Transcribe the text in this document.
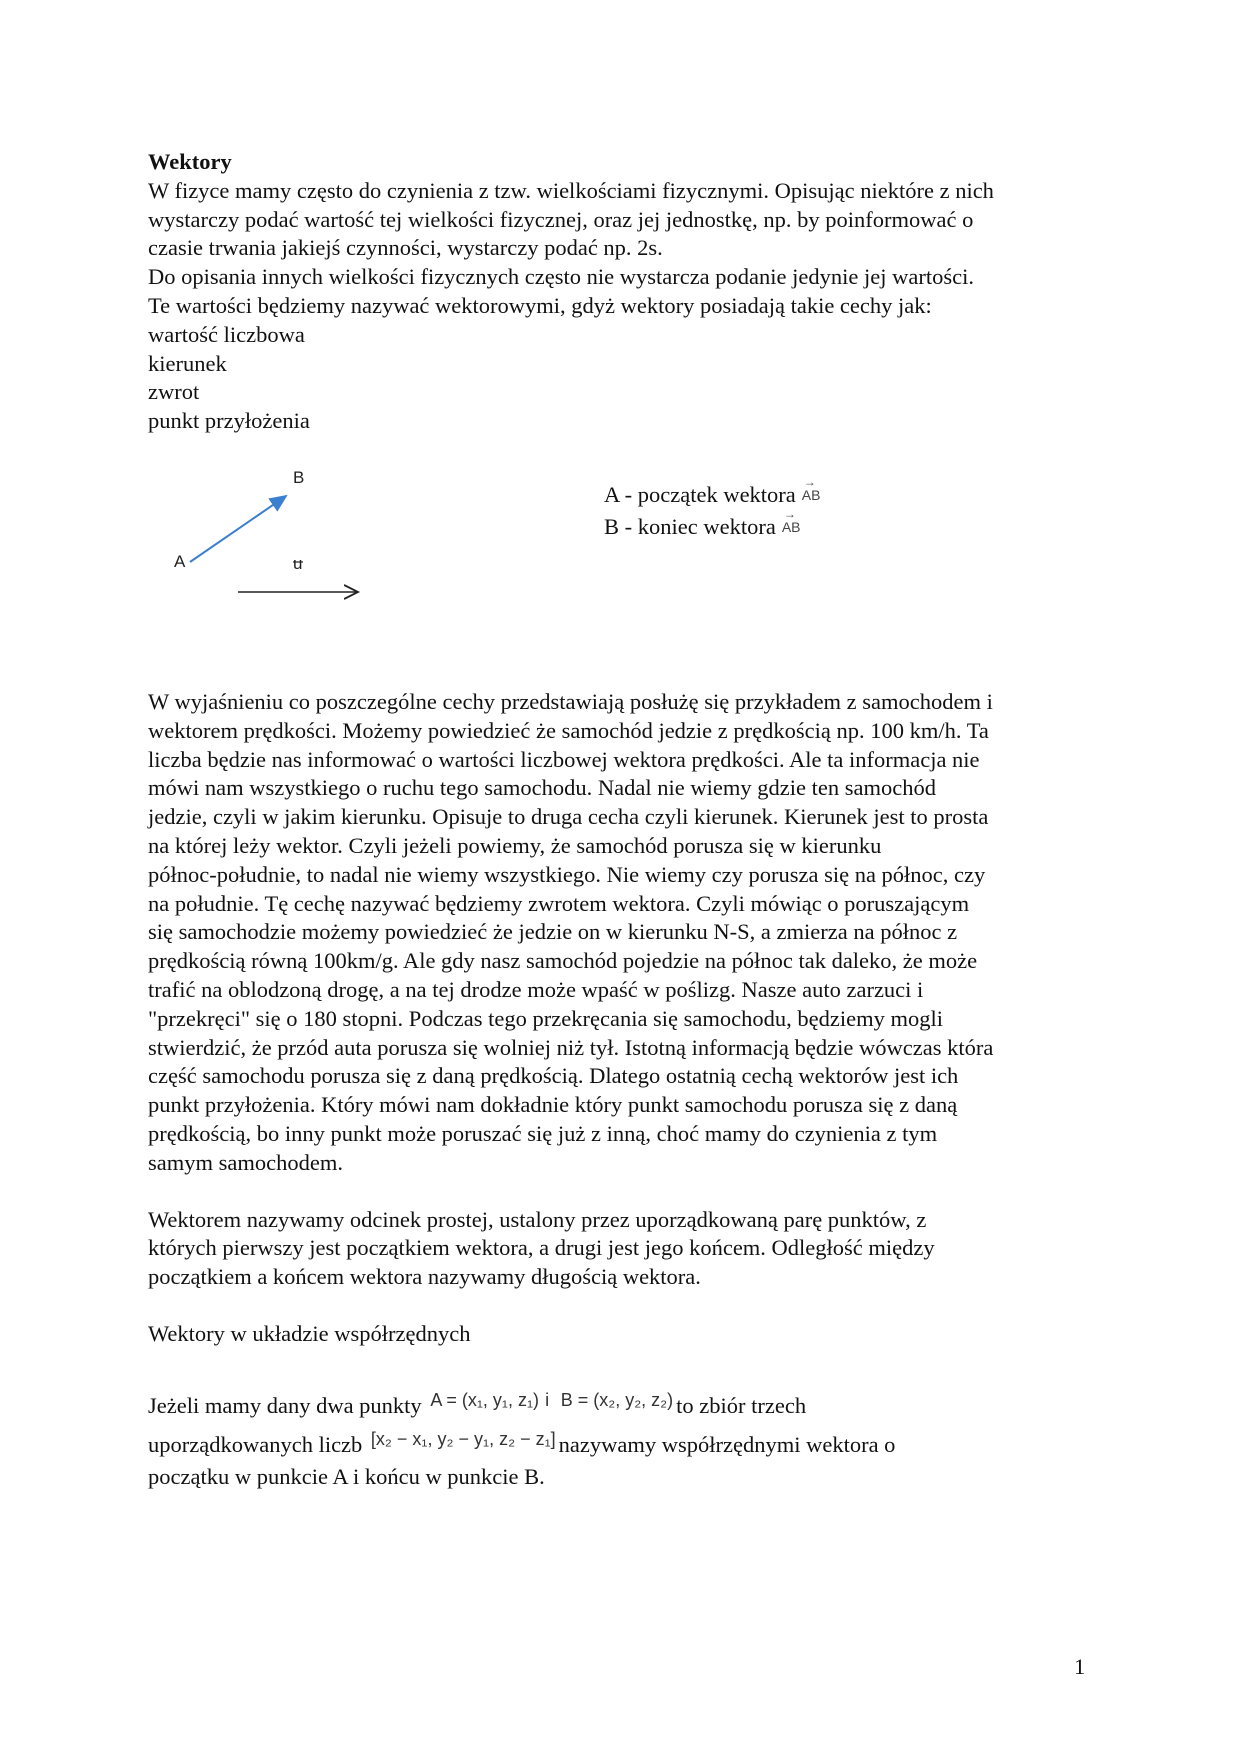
Wektory
W fizyce mamy często do czynienia z tzw. wielkościami fizycznymi. Opisując niektóre z nich
wystarczy podać wartość tej wielkości fizycznej, oraz jej jednostkę, np. by poinformować o
czasie trwania jakiejś czynności, wystarczy podać np. 2s.
Do opisania innych wielkości fizycznych często nie wystarcza podanie jedynie jej wartości.
Te wartości będziemy nazywać wektorowymi, gdyż wektory posiadają takie cechy jak:
wartość liczbowa
kierunek
zwrot
punkt przyłożenia
B
A	u
A - początek wektora → AB
B - koniec wektora → AB
W wyjaśnieniu co poszczególne cechy przedstawiają posłużę się przykładem z samochodem i
wektorem prędkości. Możemy powiedzieć że samochód jedzie z prędkością np. 100 km/h. Ta
liczba będzie nas informować o wartości liczbowej wektora prędkości. Ale ta informacja nie
mówi nam wszystkiego o ruchu tego samochodu. Nadal nie wiemy gdzie ten samochód
jedzie, czyli w jakim kierunku. Opisuje to druga cecha czyli kierunek. Kierunek jest to prosta
na której leży wektor. Czyli jeżeli powiemy, że samochód porusza się w kierunku
północ-południe, to nadal nie wiemy wszystkiego. Nie wiemy czy porusza się na północ, czy
na południe. Tę cechę nazywać będziemy zwrotem wektora. Czyli mówiąc o poruszającym
się samochodzie możemy powiedzieć że jedzie on w kierunku N-S, a zmierza na północ z
prędkością równą 100km/g. Ale gdy nasz samochód pojedzie na północ tak daleko, że może
trafić na oblodzoną drogę, a na tej drodze może wpaść w poślizg. Nasze auto zarzuci i
"przekręci" się o 180 stopni. Podczas tego przekręcania się samochodu, będziemy mogli
stwierdzić, że przód auta porusza się wolniej niż tył. Istotną informacją będzie wówczas która
część samochodu porusza się z daną prędkością. Dlatego ostatnią cechą wektorów jest ich
punkt przyłożenia. Który mówi nam dokładnie który punkt samochodu porusza się z daną
prędkością, bo inny punkt może poruszać się już z inną, choć mamy do czynienia z tym
samym samochodem.
Wektorem nazywamy odcinek prostej, ustalony przez uporządkowaną parę punktów, z
których pierwszy jest początkiem wektora, a drugi jest jego końcem. Odległość między
początkiem a końcem wektora nazywamy długością wektora.
Wektory w układzie współrzędnych
Jeżeli mamy dany dwa punkty $^{A = (x_1, y_1, z_1)}$ $^i$ $^{B = (x_2, y_2, z_2)}$ to zbiór trzech
uporządkowanych liczb [x₂ − x₁, y₂ − y₁, z₂ − z₁] nazywamy współrzędnymi wektora o
początku w punkcie A i końcu w punkcie B.
1
